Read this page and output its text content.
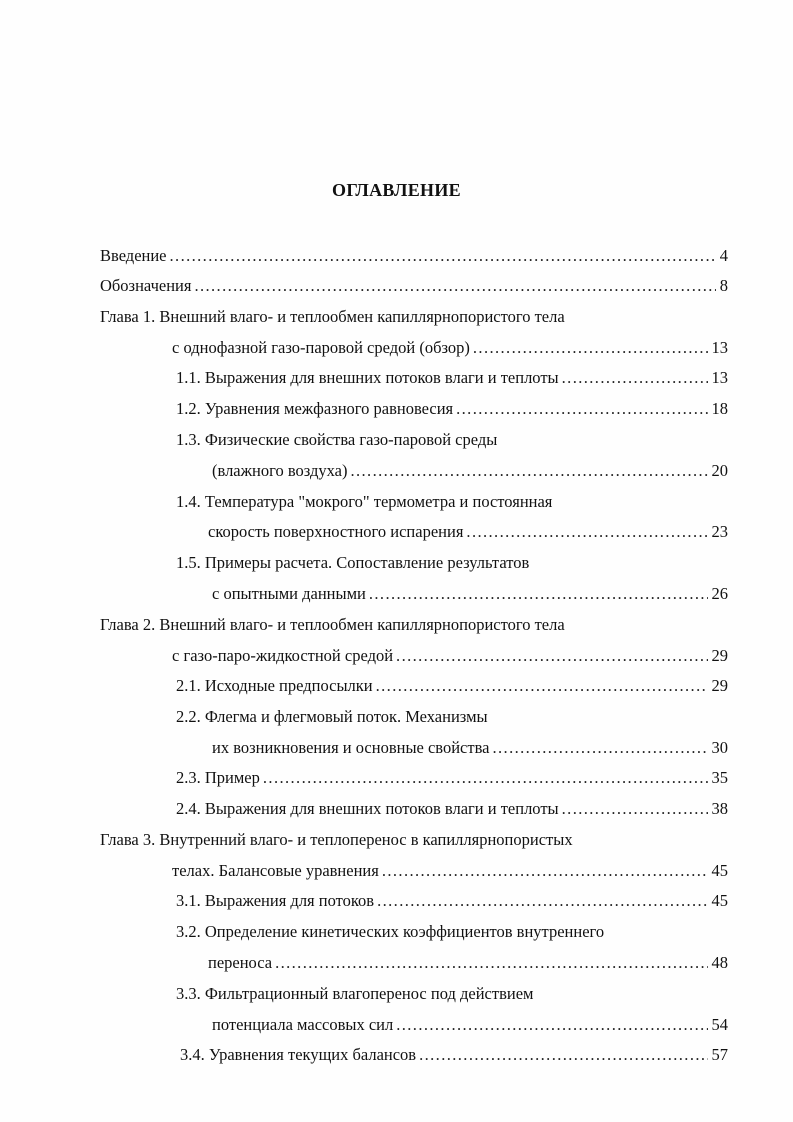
ОГЛАВЛЕНИЕ
Введение .....	4
Обозначения .....	8
Глава 1. Внешний влаго- и теплообмен капиллярнопористого тела
с однофазной газо-паровой средой (обзор) .....	13
1.1. Выражения для внешних потоков влаги и теплоты .....	13
1.2. Уравнения межфазного равновесия .....	18
1.3. Физические свойства газо-паровой среды
(влажного воздуха) .....	20
1.4. Температура "мокрого" термометра и постоянная
скорость поверхностного испарения .....	23
1.5. Примеры расчета. Сопоставление результатов
с опытными данными .....	26
Глава 2. Внешний влаго- и теплообмен капиллярнопористого тела
с газо-паро-жидкостной средой .....	29
2.1. Исходные предпосылки .....	29
2.2. Флегма и флегмовый поток. Механизмы
их возникновения и основные свойства .....	30
2.3. Пример .....	35
2.4. Выражения для внешних потоков влаги и теплоты .....	38
Глава 3. Внутренний влаго- и теплоперенос в капиллярнопористых
телах. Балансовые уравнения .....	45
3.1. Выражения для потоков .....	45
3.2. Определение кинетических коэффициентов внутреннего
переноса .....	48
3.3. Фильтрационный влагоперенос под действием
потенциала массовых сил .....	54
3.4. Уравнения текущих балансов .....	57
